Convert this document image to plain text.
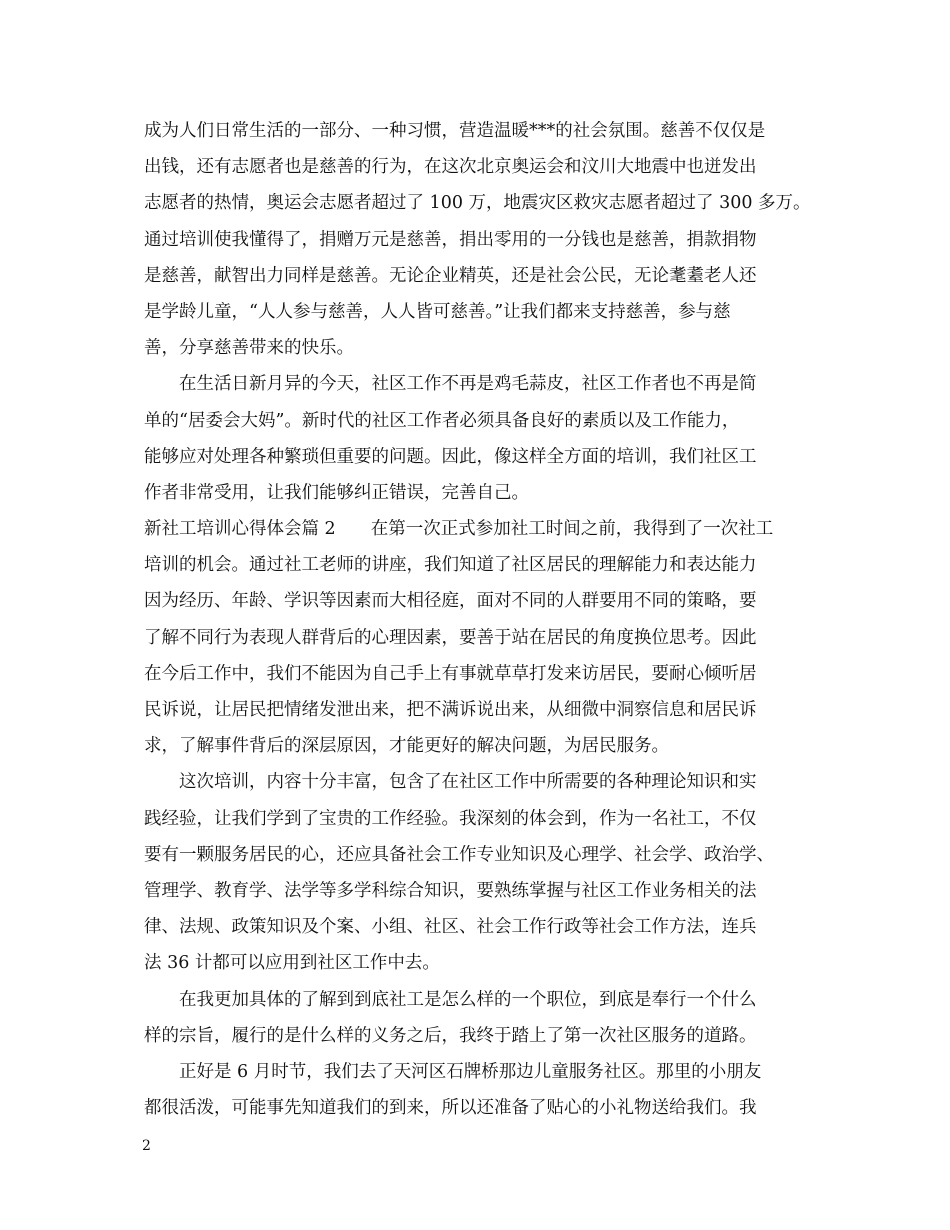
成为人们日常生活的一部分、一种习惯，营造温暖***的社会氛围。慈善不仅仅是
出钱，还有志愿者也是慈善的行为，在这次北京奥运会和汶川大地震中也迸发出
志愿者的热情，奥运会志愿者超过了 100 万，地震灾区救灾志愿者超过了 300 多万。
通过培训使我懂得了，捐赠万元是慈善，捐出零用的一分钱也是慈善，捐款捐物
是慈善，献智出力同样是慈善。无论企业精英，还是社会公民，无论耄耋老人还
是学龄儿童，“人人参与慈善，人人皆可慈善。”让我们都来支持慈善，参与慈
善，分享慈善带来的快乐。
　　在生活日新月异的今天，社区工作不再是鸡毛蒜皮，社区工作者也不再是简
单的“居委会大妈”。新时代的社区工作者必须具备良好的素质以及工作能力，
能够应对处理各种繁琐但重要的问题。因此，像这样全方面的培训，我们社区工
作者非常受用，让我们能够纠正错误，完善自己。
新社工培训心得体会篇 2　　在第一次正式参加社工时间之前，我得到了一次社工
培训的机会。通过社工老师的讲座，我们知道了社区居民的理解能力和表达能力
因为经历、年龄、学识等因素而大相径庭，面对不同的人群要用不同的策略，要
了解不同行为表现人群背后的心理因素，要善于站在居民的角度换位思考。因此
在今后工作中，我们不能因为自己手上有事就草草打发来访居民，要耐心倾听居
民诉说，让居民把情绪发泄出来，把不满诉说出来，从细微中洞察信息和居民诉
求，了解事件背后的深层原因，才能更好的解决问题，为居民服务。
　　这次培训，内容十分丰富，包含了在社区工作中所需要的各种理论知识和实
践经验，让我们学到了宝贵的工作经验。我深刻的体会到，作为一名社工，不仅
要有一颗服务居民的心，还应具备社会工作专业知识及心理学、社会学、政治学、
管理学、教育学、法学等多学科综合知识，要熟练掌握与社区工作业务相关的法
律、法规、政策知识及个案、小组、社区、社会工作行政等社会工作方法，连兵
法 36 计都可以应用到社区工作中去。
　　在我更加具体的了解到到底社工是怎么样的一个职位，到底是奉行一个什么
样的宗旨，履行的是什么样的义务之后，我终于踏上了第一次社区服务的道路。
　　正好是 6 月时节，我们去了天河区石牌桥那边儿童服务社区。那里的小朋友
都很活泼，可能事先知道我们的到来，所以还准备了贴心的小礼物送给我们。我
2
